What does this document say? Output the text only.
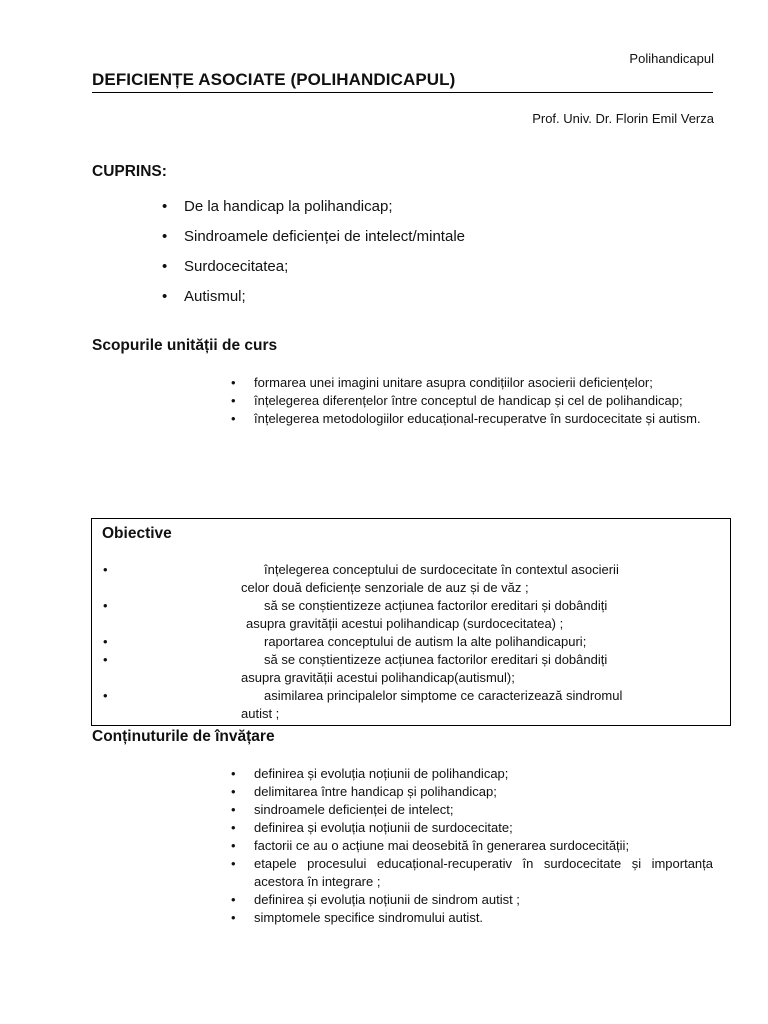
Polihandicapul
DEFICIENȚE ASOCIATE (POLIHANDICAPUL)
Prof. Univ. Dr. Florin Emil Verza
CUPRINS:
• De la handicap la polihandicap;
• Sindroamele deficienței de intelect/mintale
• Surdocecitatea;
• Autismul;
Scopurile unității de curs
• formarea unei imagini unitare asupra condițiilor asocierii deficiențelor;
• înțelegerea diferențelor între conceptul de handicap și cel de polihandicap;
• înțelegerea metodologiilor educațional-recuperatve în surdocecitate și autism.
Obiective
•	înțelegerea conceptului de surdocecitate în contextul asocierii
celor două deficiențe senzoriale de auz și de văz ;
•	să se conștientizeze acțiunea factorilor ereditari și dobândiți
asupra gravității acestui polihandicap (surdocecitatea) ;
•	raportarea conceptului de autism la alte polihandicapuri;
•	să se conștientizeze acțiunea factorilor ereditari și dobândiți
asupra gravității acestui polihandicap(autismul);
•	asimilarea principalelor simptome ce caracterizează sindromul
autist ;
Conținuturile de învățare
• definirea și evoluția noțiunii de polihandicap;
• delimitarea între handicap și polihandicap;
• sindroamele deficienței de intelect;
• definirea și evoluția noțiunii de surdocecitate;
• factorii ce au o acțiune mai deosebită în generarea surdocecității;
• etapele procesului educațional-recuperativ în surdocecitate și importanța acestora în integrare ;
• definirea și evoluția noțiunii de sindrom autist ;
• simptomele specifice sindromului autist.
